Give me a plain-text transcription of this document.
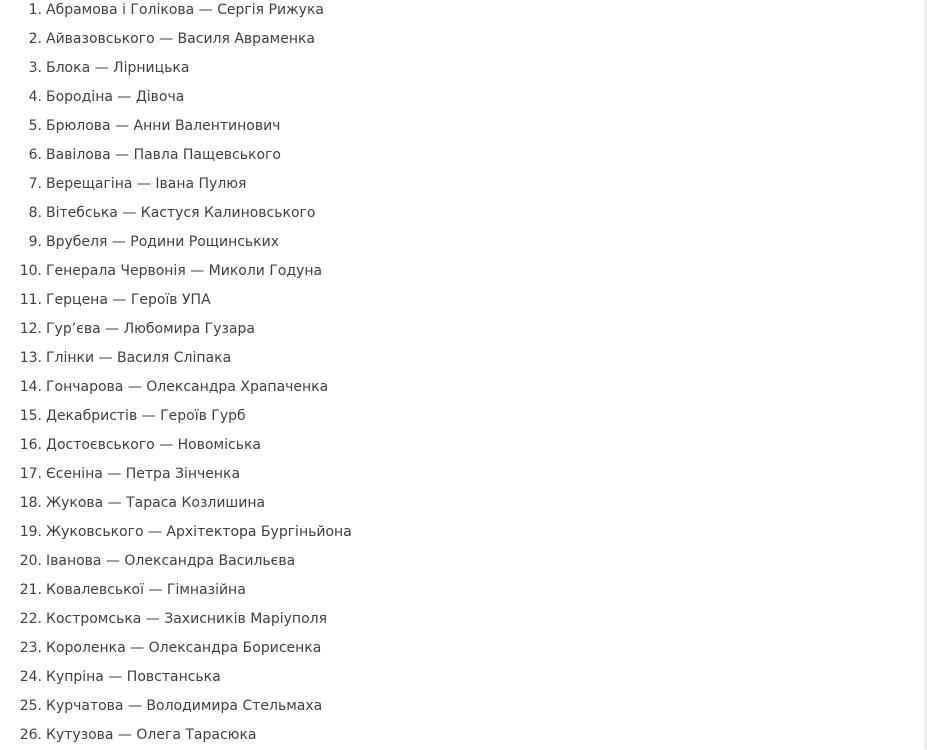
1. Абрамова і Голікова — Сергія Рижука
2. Айвазовського — Василя Авраменка
3. Блока — Лірницька
4. Бородіна — Дівоча
5. Брюлова — Анни Валентинович
6. Вавілова — Павла Пащевського
7. Верещагіна — Івана Пулюя
8. Вітебська — Кастуся Калиновського
9. Врубеля — Родини Рощинських
10. Генерала Червонія — Миколи Годуна
11. Герцена — Героїв УПА
12. Гур’єва — Любомира Гузара
13. Глінки — Василя Сліпака
14. Гончарова — Олександра Храпаченка
15. Декабристів — Героїв Гурб
16. Достоєвського — Новоміська
17. Єсеніна — Петра Зінченка
18. Жукова — Тараса Козлишина
19. Жуковського — Архітектора Бургіньйона
20. Іванова — Олександра Васильєва
21. Ковалевської — Гімназійна
22. Костромська — Захисників Маріуполя
23. Короленка — Олександра Борисенка
24. Купріна — Повстанська
25. Курчатова — Володимира Стельмаха
26. Кутузова — Олега Тарасюка
